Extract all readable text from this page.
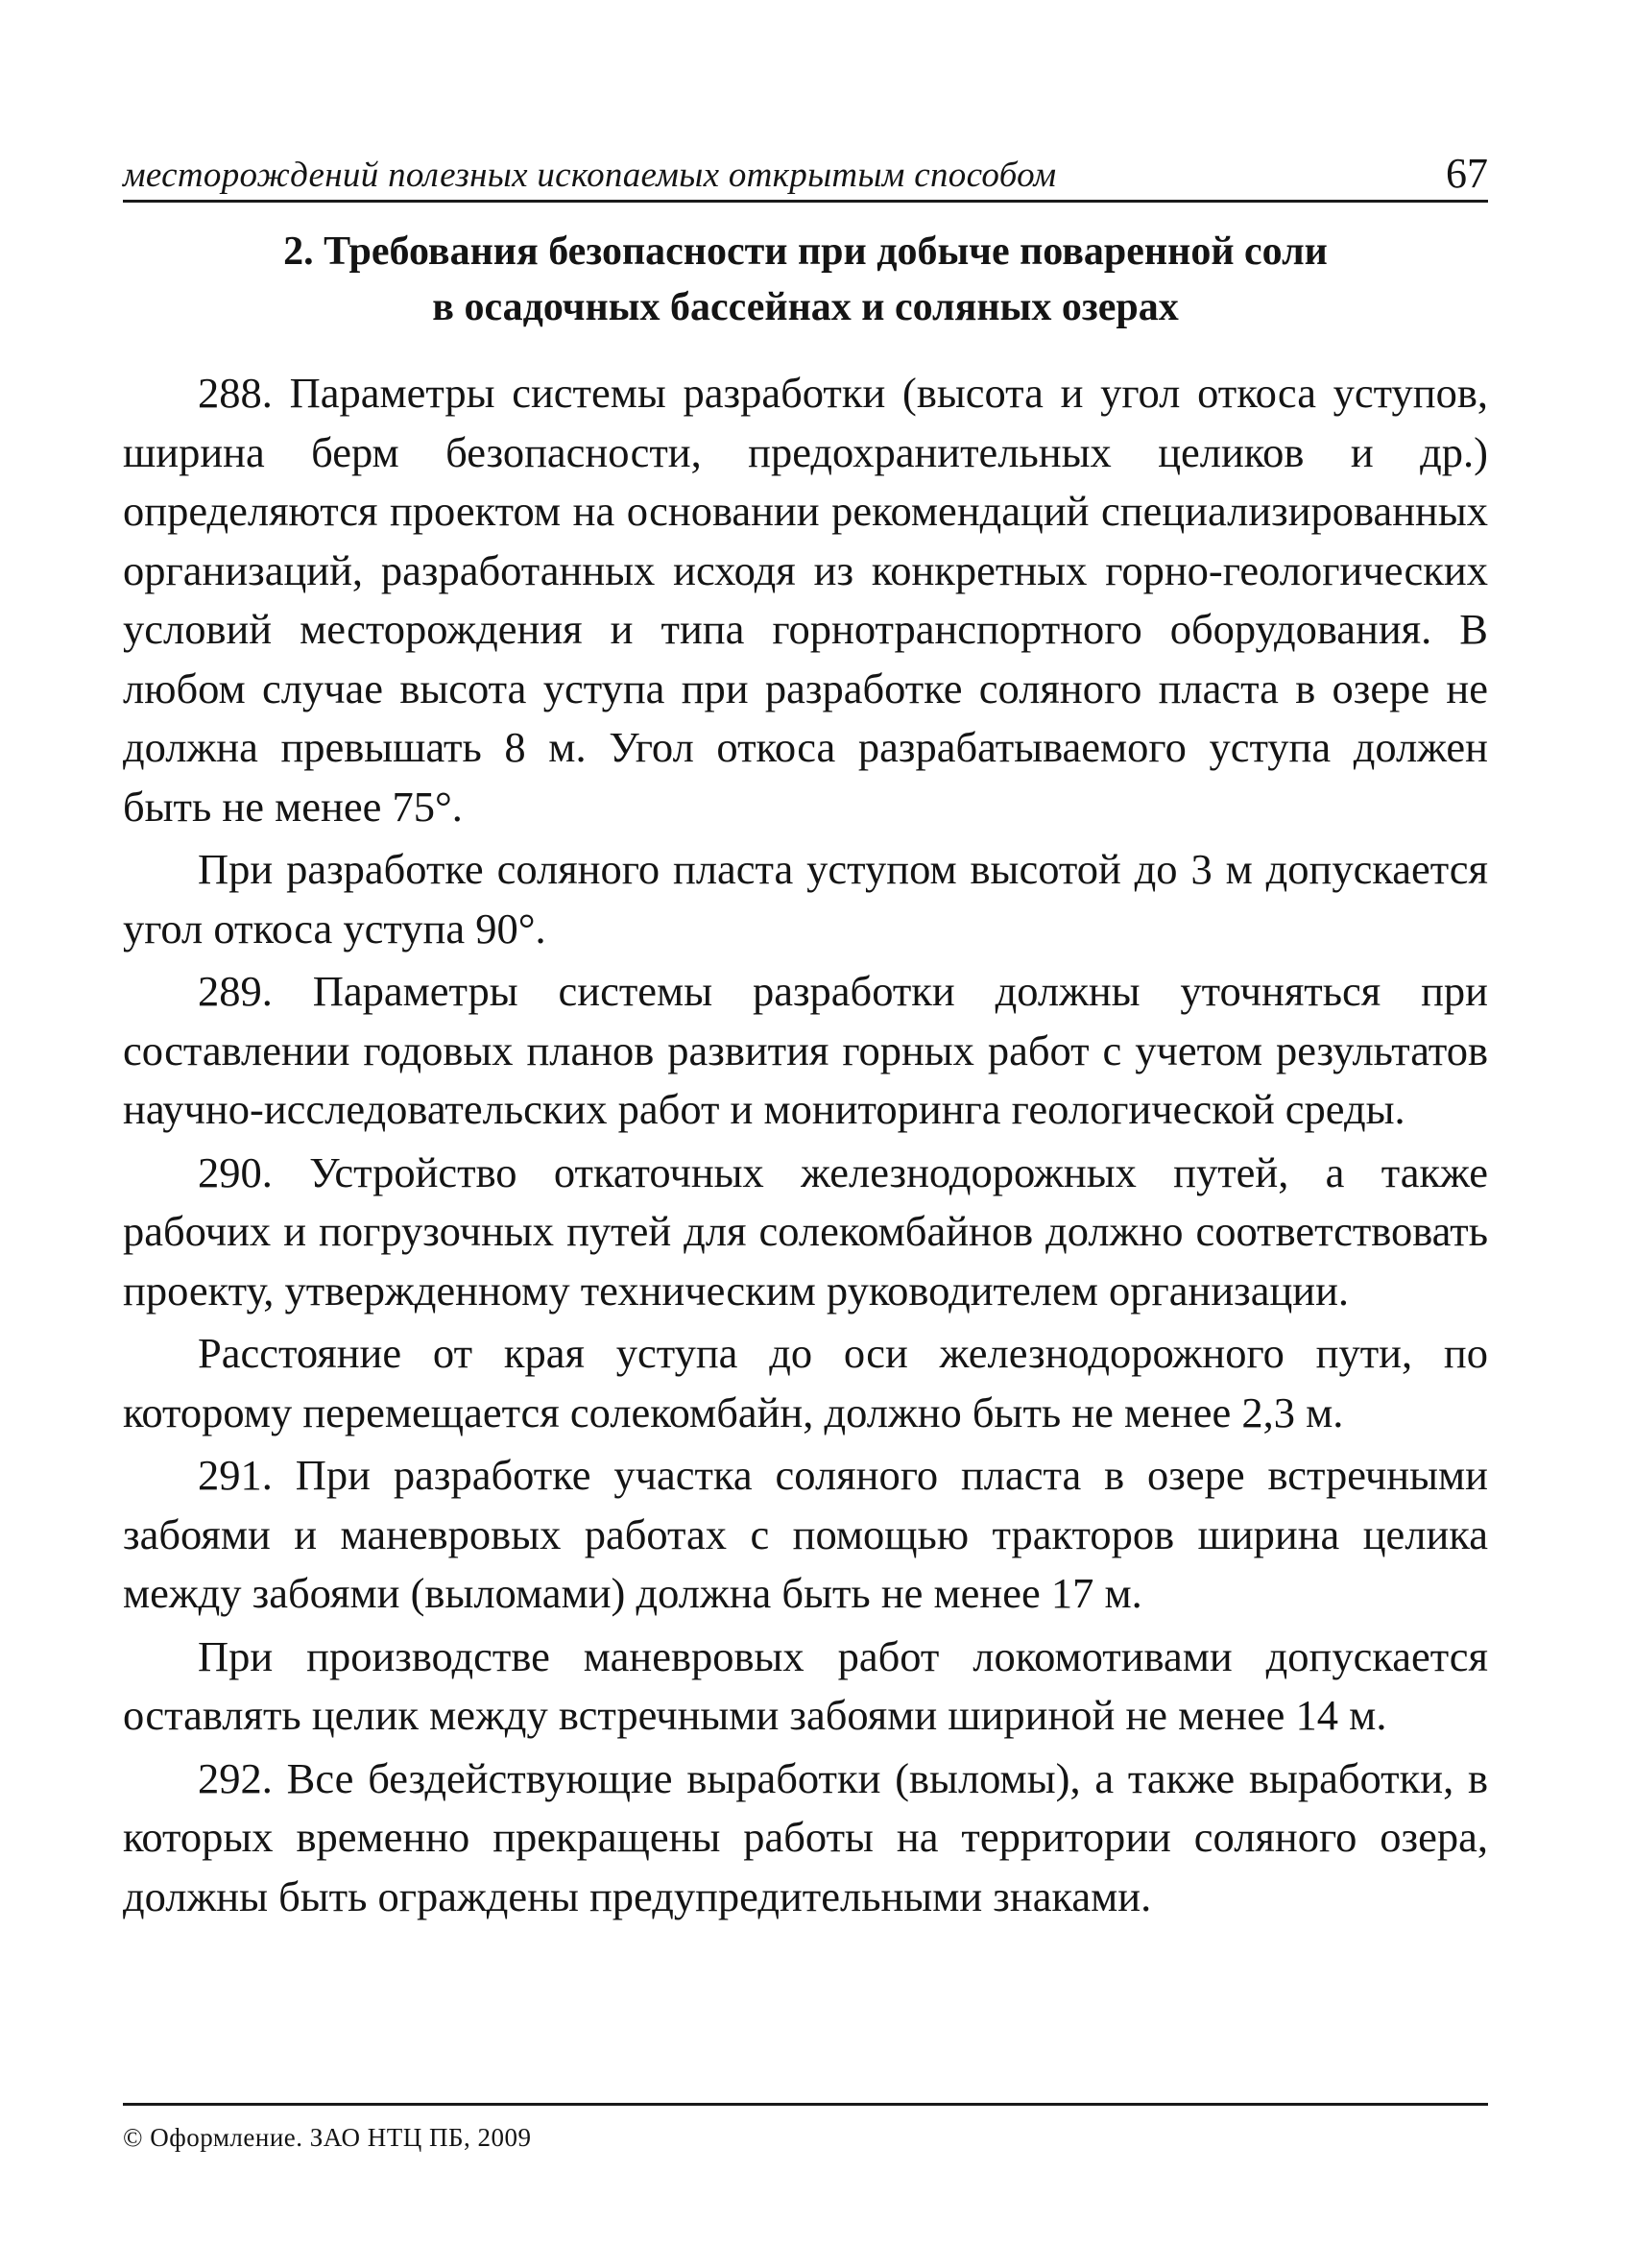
месторождений полезных ископаемых открытым способом	67
2. Требования безопасности при добыче поваренной соли
в осадочных бассейнах и соляных озерах

288. Параметры системы разработки (высота и угол откоса уступов, ширина берм безопасности, предохранительных целиков и др.) определяются проектом на основании рекомендаций специализированных организаций, разработанных исходя из конкретных горно-геологических условий месторождения и типа горнотранспортного оборудования. В любом случае высота уступа при разработке соляного пласта в озере не должна превышать 8 м. Угол откоса разрабатываемого уступа должен быть не менее 75°.

При разработке соляного пласта уступом высотой до 3 м допускается угол откоса уступа 90°.

289. Параметры системы разработки должны уточняться при составлении годовых планов развития горных работ с учетом результатов научно-исследовательских работ и мониторинга геологической среды.

290. Устройство откаточных железнодорожных путей, а также рабочих и погрузочных путей для солекомбайнов должно соответствовать проекту, утвержденному техническим руководителем организации.

Расстояние от края уступа до оси железнодорожного пути, по которому перемещается солекомбайн, должно быть не менее 2,3 м.

291. При разработке участка соляного пласта в озере встречными забоями и маневровых работах с помощью тракторов ширина целика между забоями (выломами) должна быть не менее 17 м.

При производстве маневровых работ локомотивами допускается оставлять целик между встречными забоями шириной не менее 14 м.

292. Все бездействующие выработки (выломы), а также выработки, в которых временно прекращены работы на территории соляного озера, должны быть ограждены предупредительными знаками.

© Оформление. ЗАО НТЦ ПБ, 2009
